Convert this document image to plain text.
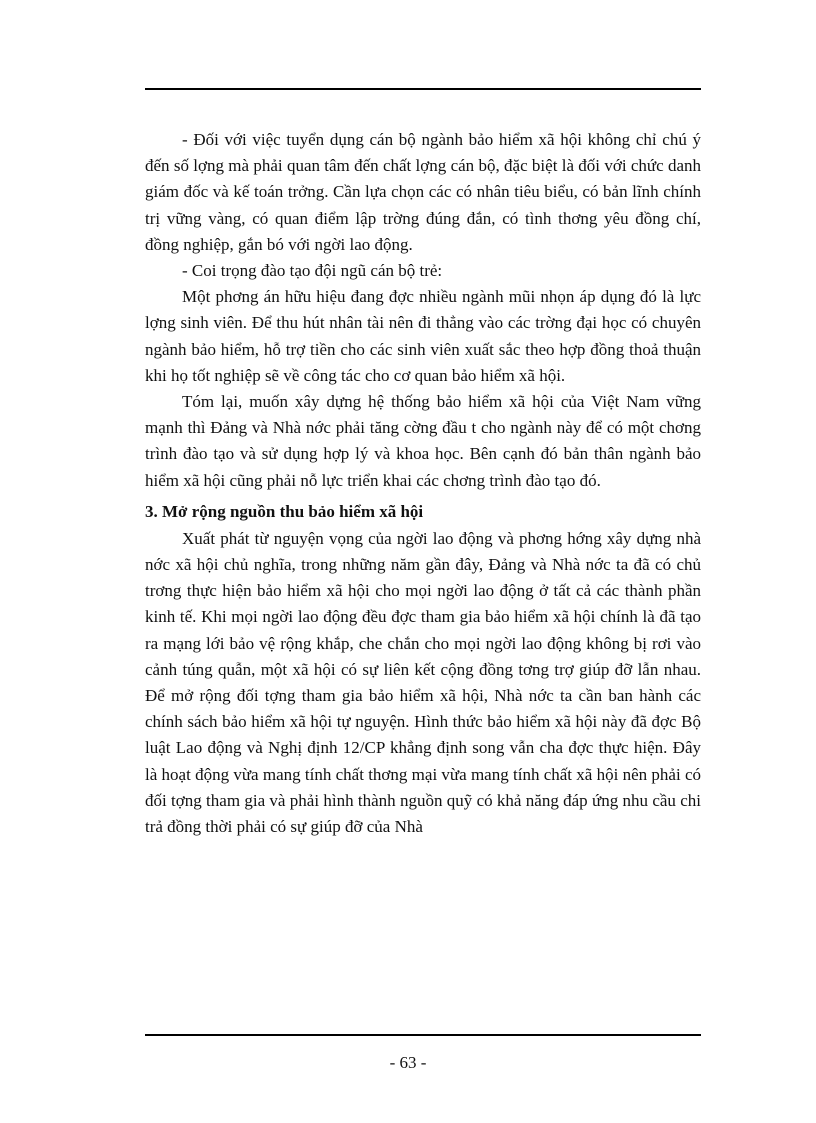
- Đối với việc tuyển dụng cán bộ ngành bảo hiểm xã hội không chỉ chú ý đến số lợng mà phải quan tâm đến chất lợng cán bộ, đặc biệt là đối với chức danh giám đốc và kế toán trởng. Cần lựa chọn các có nhân tiêu biểu, có bản lĩnh chính trị vững vàng, có quan điểm lập trờng đúng đắn, có tình thơng yêu đồng chí, đồng nghiệp, gắn bó với ngời lao động.

- Coi trọng đào tạo đội ngũ cán bộ trẻ:

Một phơng án hữu hiệu đang đợc nhiều ngành mũi nhọn áp dụng đó là lực lợng sinh viên. Để thu hút nhân tài nên đi thẳng vào các trờng đại học có chuyên ngành bảo hiểm, hỗ trợ tiền cho các sinh viên xuất sắc theo hợp đồng thoả thuận khi họ tốt nghiệp sẽ về công tác cho cơ quan bảo hiểm xã hội.

Tóm lại, muốn xây dựng hệ thống bảo hiểm xã hội của Việt Nam vững mạnh thì Đảng và Nhà nớc phải tăng cờng đầu t cho ngành này để có một chơng trình đào tạo và sử dụng hợp lý và khoa học. Bên cạnh đó bản thân ngành bảo hiểm xã hội cũng phải nỗ lực triển khai các chơng trình đào tạo đó.

3. Mở rộng nguồn thu bảo hiểm xã hội

Xuất phát từ nguyện vọng của ngời lao động và phơng hớng xây dựng nhà nớc xã hội chủ nghĩa, trong những năm gần đây, Đảng và Nhà nớc ta đã có chủ trơng thực hiện bảo hiểm xã hội cho mọi ngời lao động ở tất cả các thành phần kinh tế. Khi mọi ngời lao động đều đợc tham gia bảo hiểm xã hội chính là đã tạo ra mạng lới bảo vệ rộng khắp, che chắn cho mọi ngời lao động không bị rơi vào cảnh túng quẫn, một xã hội có sự liên kết cộng đồng tơng trợ giúp đỡ lẫn nhau. Để mở rộng đối tợng tham gia bảo hiểm xã hội, Nhà nớc ta cần ban hành các chính sách bảo hiểm xã hội tự nguyện. Hình thức bảo hiểm xã hội này đã đợc Bộ luật Lao động và Nghị định 12/CP khẳng định song vẫn cha đợc thực hiện. Đây là hoạt động vừa mang tính chất thơng mại vừa mang tính chất xã hội nên phải có đối tợng tham gia và phải hình thành nguồn quỹ có khả năng đáp ứng nhu cầu chi trả đồng thời phải có sự giúp đỡ của Nhà

- 63 -
